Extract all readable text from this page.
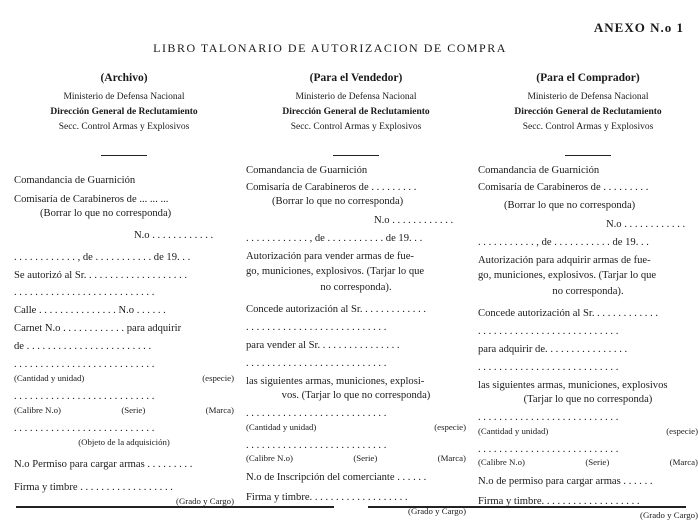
ANEXO N.o 1
LIBRO TALONARIO DE AUTORIZACION DE COMPRA
(Archivo)
Ministerio de Defensa Nacional
Dirección General de Reclutamiento
Secc. Control Armas y Explosivos
Comandancia de Guarnición
Comisaría de Carabineros de ... ... ...
(Borrar lo que no corresponda)
N.o . . . . . . . . . . . .
. . . . . . . . . . . . , de . . . . . . . . . . . de 19. . .
Se autorizó al Sr. . . . . . . . . . . . . . . . . . . .
. . . . . . . . . . . . . . . . . . . . . . . . . . .
Calle . . . . . . . . . . . . . . . N.o . . . . . .
Carnet N.o . . . . . . . . . . . . para adquirir
de . . . . . . . . . . . . . . . . . . . . . . . .
. . . . . . . . . . . . . . . . . . . . . . . . . . .
(Cantidad y unidad)	(especie)
. . . . . . . . . . . . . . . . . . . . . . . . . . .
(Calibre N.o)	(Serie)	(Marca)
. . . . . . . . . . . . . . . . . . . . . . . . . . .
(Objeto de la adquisición)
N.o Permiso para cargar armas . . . . . . . . .
Firma y timbre . . . . . . . . . . . . . . . . . .
(Grado y Cargo)
(Para el Vendedor)
Ministerio de Defensa Nacional
Dirección General de Reclutamiento
Secc. Control Armas y Explosivos
Comandancia de Guarnición
Comisaría de Carabineros de . . . . . . . . .
(Borrar lo que no corresponda)
N.o . . . . . . . . . . . .
. . . . . . . . . . . . , de . . . . . . . . . . . de 19. . .
Autorización para vender armas de fue-
go, municiones, explosivos. (Tarjar lo que
no corresponda).
Concede autorización al Sr. . . . . . . . . . . . .
. . . . . . . . . . . . . . . . . . . . . . . . . . .
para vender al Sr. . . . . . . . . . . . . . . .
. . . . . . . . . . . . . . . . . . . . . . . . . . .
las siguientes armas, municiones, explosi-
vos. (Tarjar lo que no corresponda)
. . . . . . . . . . . . . . . . . . . . . . . . . . .
(Cantidad y unidad)	(especie)
. . . . . . . . . . . . . . . . . . . . . . . . . . .
(Calibre N.o)	(Serie)	(Marca)
N.o de Inscripción del comerciante . . . . . .
Firma y timbre. . . . . . . . . . . . . . . . . . .
(Grado y Cargo)
(Para el Comprador)
Ministerio de Defensa Nacional
Dirección General de Reclutamiento
Secc. Control Armas y Explosivos
Comandancia de Guarnición
Comisaría de Carabineros de . . . . . . . . .
(Borrar lo que no corresponda)
N.o . . . . . . . . . . . .
. . . . . . . . . . . , de . . . . . . . . . . . de 19. . .
Autorización para adquirir armas de fue-
go, municiones, explosivos. (Tarjar lo que
no corresponda).
Concede autorización al Sr. . . . . . . . . . . . .
. . . . . . . . . . . . . . . . . . . . . . . . . . .
para adquirir de. . . . . . . . . . . . . . . .
. . . . . . . . . . . . . . . . . . . . . . . . . . .
las siguientes armas, municiones, explosivos
(Tarjar lo que no corresponda)
. . . . . . . . . . . . . . . . . . . . . . . . . . .
(Cantidad y unidad)	(especie)
. . . . . . . . . . . . . . . . . . . . . . . . . . .
(Calibre N.o)	(Serie)	(Marca)
N.o de permiso para cargar armas . . . . . .
Firma y timbre. . . . . . . . . . . . . . . . . . .
(Grado y Cargo)
